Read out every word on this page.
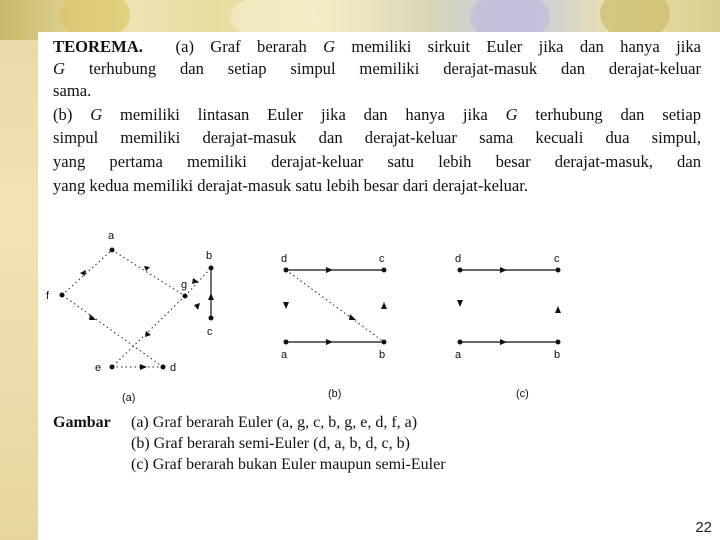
TEOREMA. (a) Graf berarah G memiliki sirkuit Euler jika dan hanya jika

G terhubung dan setiap simpul memiliki derajat-masuk dan derajat-keluar

sama.

(b) G memiliki lintasan Euler jika dan hanya jika G terhubung dan setiap

simpul memiliki derajat-masuk dan derajat-keluar sama kecuali dua simpul,

yang pertama memiliki derajat-keluar satu lebih besar derajat-masuk, dan

yang kedua memiliki derajat-masuk satu lebih besar dari derajat-keluar.

a
b
g
c
f
e	d
(a)
d	c
a	b
(b)
d	c
a	b
(c)
Gambar (a) Graf berarah Euler (a, g, c, b, g, e, d, f, a)
(b) Graf berarah semi-Euler (d, a, b, d, c, b)
(c) Graf berarah bukan Euler maupun semi-Euler
22
